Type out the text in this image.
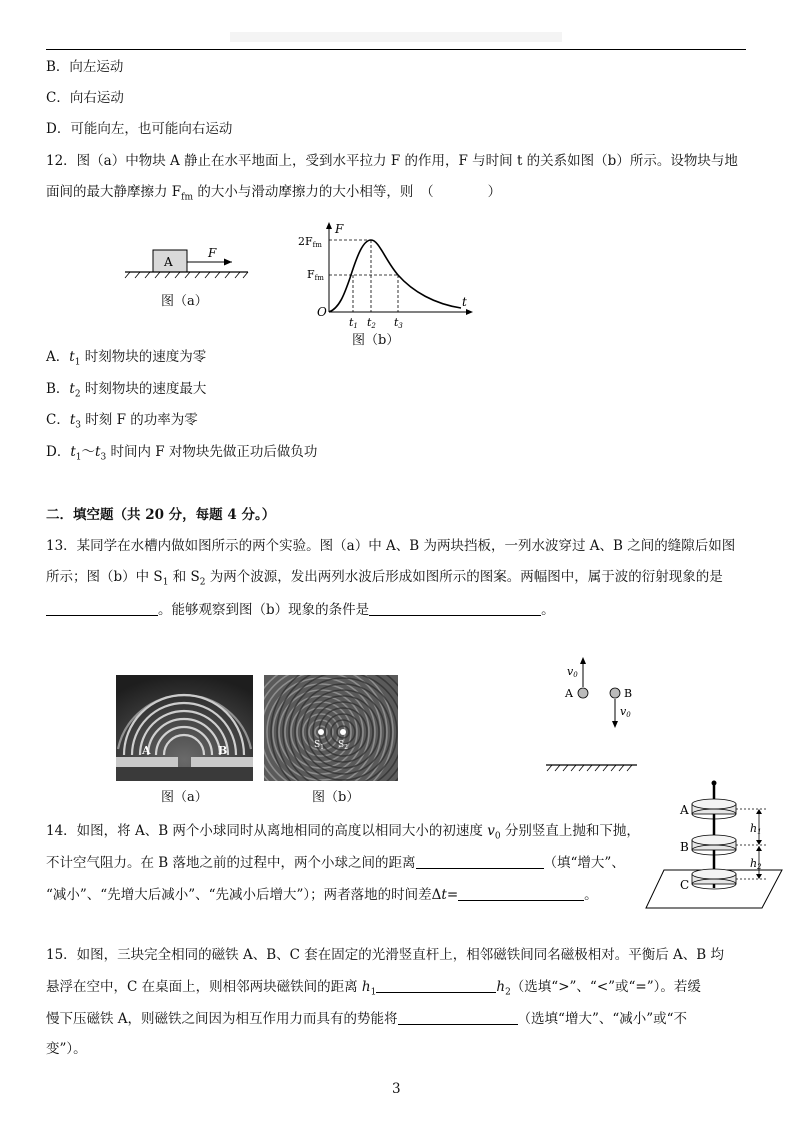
B．向左运动
C．向右运动
D．可能向左，也可能向右运动
12．图（a）中物块 A 静止在水平地面上，受到水平拉力 F 的作用，F 与时间 t 的关系如图（b）所示。设物块与地
面间的最大静摩擦力 $F_{fm}$ 的大小与滑动摩擦力的大小相等，则　（　　　　）
A
F
图（a）
F
t
O
2Ffm
Ffm
t1 t2 t3
图（b）
A．$t_1$ 时刻物块的速度为零
B．$t_2$ 时刻物块的速度最大
C．$t_3$ 时刻 F 的功率为零
D．$t_1\sim t_3$ 时间内 F 对物块先做正功后做负功
二．填空题（共 20 分，每题 4 分。）
13．某同学在水槽内做如图所示的两个实验。图（a）中 A、B 为两块挡板，一列水波穿过 A、B 之间的缝隙后如图
所示；图（b）中 $S_1$ 和 $S_2$ 为两个波源，发出两列水波后形成如图所示的图案。两幅图中，属于波的衍射现象的是
。能够观察到图（b）现象的条件是	。
A	B
图（a）
$S_1$ $S_2$
图（b）
v0
A	B
v0
A
B
C
h1
h2
14．如图，将 A、B 两个小球同时从离地相同的高度以相同大小的初速度 $v_0$ 分别竖直上抛和下抛，
不计空气阻力。在 B 落地之前的过程中，两个小球之间的距离	（填“增大”、
“减小”、“先增大后减小”、“先减小后增大”）；两者落地的时间差Δt=	。
15．如图，三块完全相同的磁铁 A、B、C 套在固定的光滑竖直杆上，相邻磁铁间同名磁极相对。平衡后 A、B 均
悬浮在空中，C 在桌面上，则相邻两块磁铁间的距离 $h_1$	$h_2$（选填“>”、“<”或“=”）。若缓
慢下压磁铁 A，则磁铁之间因为相互作用力而具有的势能将	（选填“增大”、“减小”或“不
变”）。
3
